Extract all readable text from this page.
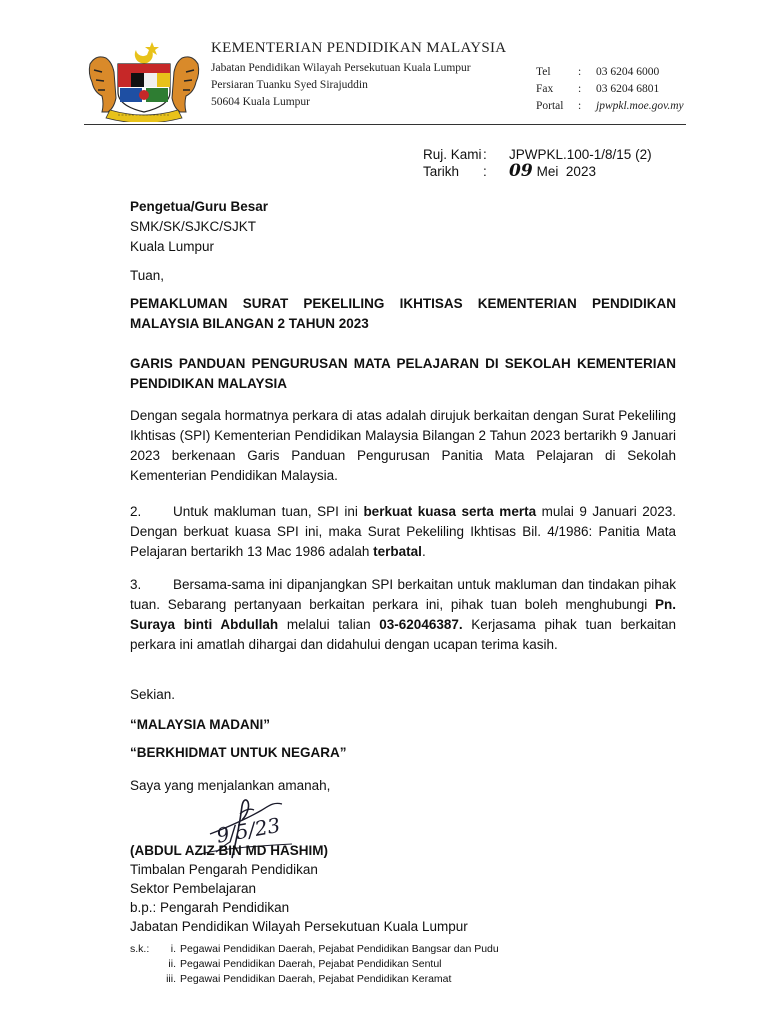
KEMENTERIAN PENDIDIKAN MALAYSIA
Jabatan Pendidikan Wilayah Persekutuan Kuala Lumpur
Persiaran Tuanku Syed Sirajuddin
50604 Kuala Lumpur
Tel	:	03 6204 6000
Fax	:	03 6204 6801
Portal	:	jpwpkl.moe.gov.my
Ruj. Kami :	JPWPKL.100-1/8/15 (2)
Tarikh	:	09 Mei  2023
Pengetua/Guru Besar
SMK/SK/SJKC/SJKT
Kuala Lumpur
Tuan,
PEMAKLUMAN SURAT PEKELILING IKHTISAS KEMENTERIAN PENDIDIKAN MALAYSIA BILANGAN 2 TAHUN 2023
GARIS PANDUAN PENGURUSAN MATA PELAJARAN DI SEKOLAH KEMENTERIAN PENDIDIKAN MALAYSIA
Dengan segala hormatnya perkara di atas adalah dirujuk berkaitan dengan Surat Pekeliling Ikhtisas (SPI) Kementerian Pendidikan Malaysia Bilangan 2 Tahun 2023 bertarikh 9 Januari 2023 berkenaan Garis Panduan Pengurusan Panitia Mata Pelajaran di Sekolah Kementerian Pendidikan Malaysia.
2. Untuk makluman tuan, SPI ini berkuat kuasa serta merta mulai 9 Januari 2023. Dengan berkuat kuasa SPI ini, maka Surat Pekeliling Ikhtisas Bil. 4/1986: Panitia Mata Pelajaran bertarikh 13 Mac 1986 adalah terbatal.
3. Bersama-sama ini dipanjangkan SPI berkaitan untuk makluman dan tindakan pihak tuan. Sebarang pertanyaan berkaitan perkara ini, pihak tuan boleh menghubungi Pn. Suraya binti Abdullah melalui talian 03-62046387. Kerjasama pihak tuan berkaitan perkara ini amatlah dihargai dan didahului dengan ucapan terima kasih.
Sekian.
“MALAYSIA MADANI”
“BERKHIDMAT UNTUK NEGARA”
Saya yang menjalankan amanah,
9/5/23
(ABDUL AZIZ BIN MD HASHIM)
Timbalan Pengarah Pendidikan
Sektor Pembelajaran
b.p.: Pengarah Pendidikan
Jabatan Pendidikan Wilayah Persekutuan Kuala Lumpur
s.k.:	i. Pegawai Pendidikan Daerah, Pejabat Pendidikan Bangsar dan Pudu
ii. Pegawai Pendidikan Daerah, Pejabat Pendidikan Sentul
iii. Pegawai Pendidikan Daerah, Pejabat Pendidikan Keramat
